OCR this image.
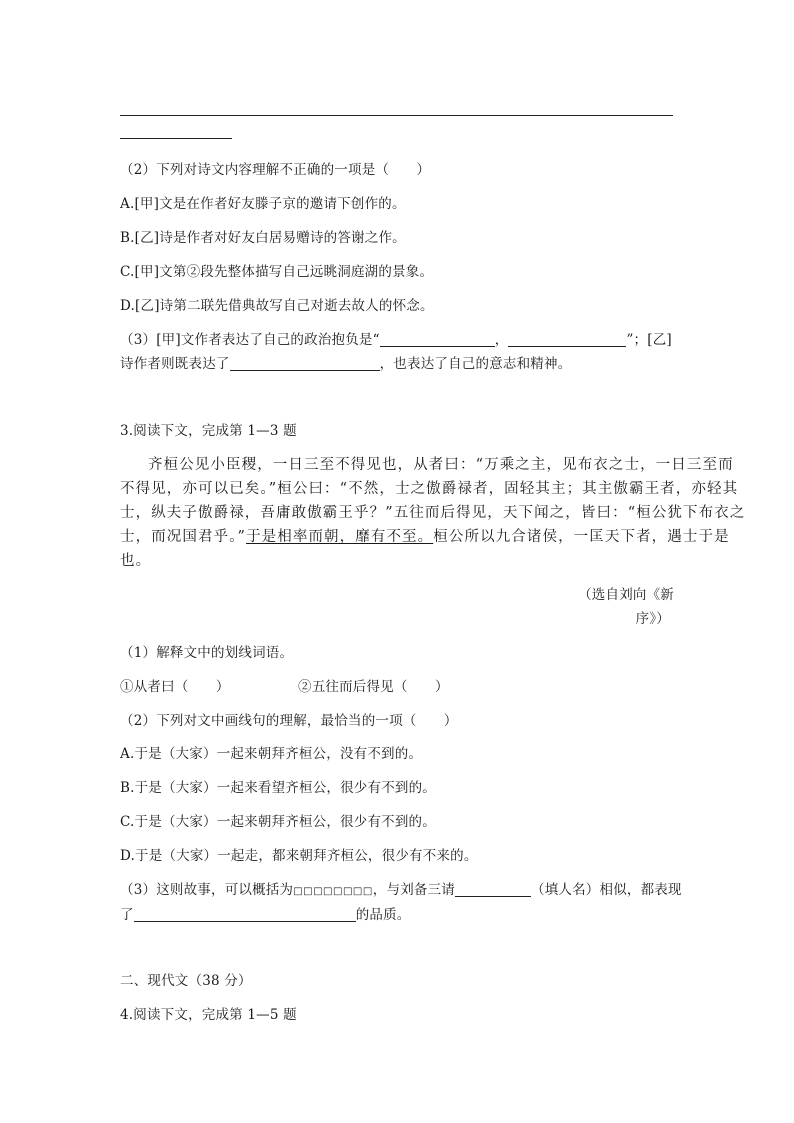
（2）下列对诗文内容理解不正确的一项是（　　）
A.[甲]文是在作者好友滕子京的邀请下创作的。
B.[乙]诗是作者对好友白居易赠诗的答谢之作。
C.[甲]文第②段先整体描写自己远眺洞庭湖的景象。
D.[乙]诗第二联先借典故写自己对逝去故人的怀念。
（3）[甲]文作者表达了自己的政治抱负是“	，	”；[乙]
诗作者则既表达了	，也表达了自己的意志和精神。
3.阅读下文，完成第 1—3 题
齐桓公见小臣稷，一日三至不得见也，从者曰：“万乘之主，见布衣之士，一日三至而
不得见，亦可以已矣。”桓公曰：“不然，士之傲爵禄者，固轻其主；其主傲霸王者，亦轻其
士，纵夫子傲爵禄，吾庸敢傲霸王乎？”五往而后得见，天下闻之，皆曰：“桓公犹下布衣之
士，而况国君乎。”于是相率而朝，靡有不至。桓公所以九合诸侯，一匡天下者，遇士于是
也。
（选自刘向《新
序》）
（1）解释文中的划线词语。
①从者曰（　　）	②五往而后得见（　　）
（2）下列对文中画线句的理解，最恰当的一项（　　）
A.于是（大家）一起来朝拜齐桓公，没有不到的。
B.于是（大家）一起来看望齐桓公，很少有不到的。
C.于是（大家）一起来朝拜齐桓公，很少有不到的。
D.于是（大家）一起走，都来朝拜齐桓公，很少有不来的。
（3）这则故事，可以概括为□□□□□□□□，与刘备三请	（填人名）相似，都表现
了	的品质。
二、现代文（38 分）
4.阅读下文，完成第 1—5 题
